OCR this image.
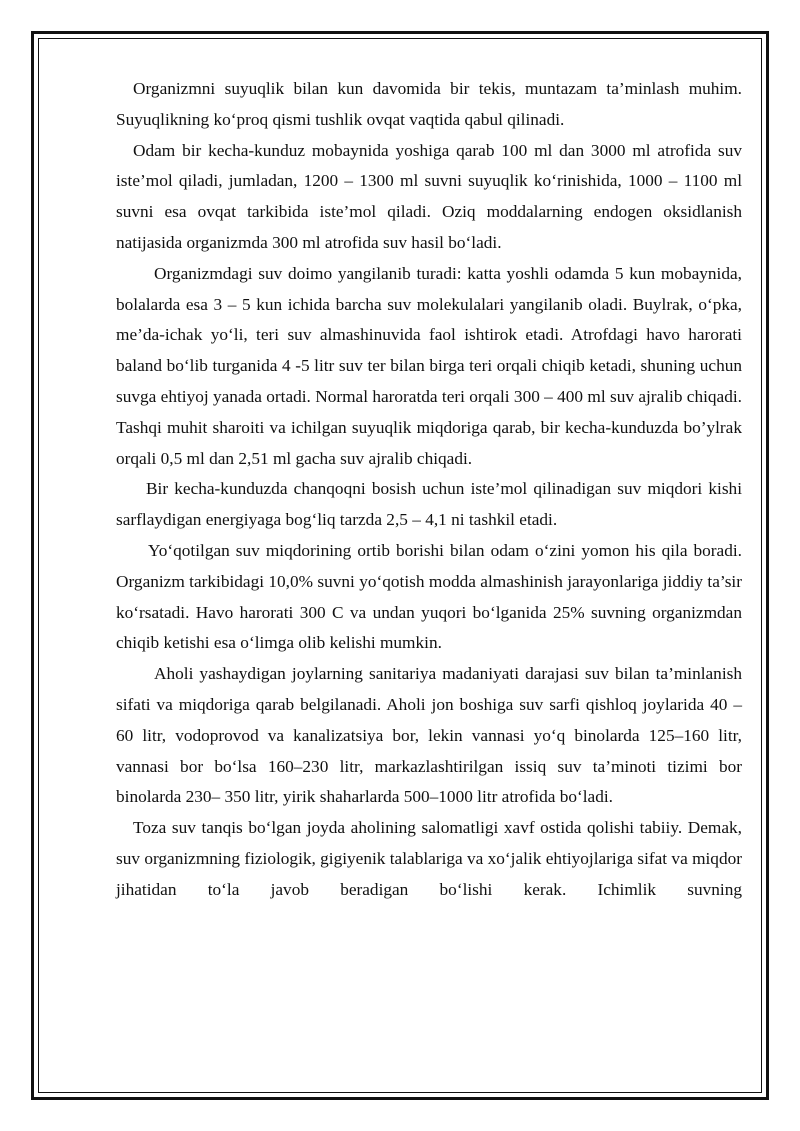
Organizmni suyuqlik bilan kun davomida bir tekis, muntazam ta’minlash muhim. Suyuqlikning ko‘proq qismi tushlik ovqat vaqtida qabul qilinadi.

Odam bir kecha-kunduz mobaynida yoshiga qarab 100 ml dan 3000 ml atrofida suv iste’mol qiladi, jumladan, 1200 – 1300 ml suvni suyuqlik ko‘rinishida, 1000 – 1100 ml suvni esa ovqat tarkibida iste’mol qiladi. Oziq moddalarning endogen oksidlanish natijasida organizmda 300 ml atrofida suv hasil bo‘ladi.

Organizmdagi suv doimo yangilanib turadi: katta yoshli odamda 5 kun mobaynida, bolalarda esa 3 – 5 kun ichida barcha suv molekulalari yangilanib oladi. Buylrak, o‘pka, me’da-ichak yo‘li, teri suv almashinuvida faol ishtirok etadi. Atrofdagi havo harorati baland bo‘lib turganida 4 -5 litr suv ter bilan birga teri orqali chiqib ketadi, shuning uchun suvga ehtiyoj yanada ortadi. Normal haroratda teri orqali 300 – 400 ml suv ajralib chiqadi. Tashqi muhit sharoiti va ichilgan suyuqlik miqdoriga qarab, bir kecha-kunduzda bo’ylrak orqali 0,5 ml dan 2,51 ml gacha suv ajralib chiqadi.

Bir kecha-kunduzda chanqoqni bosish uchun iste’mol qilinadigan suv miqdori kishi sarflaydigan energiyaga bog‘liq tarzda 2,5 – 4,1 ni tashkil etadi.

Yo‘qotilgan suv miqdorining ortib borishi bilan odam o‘zini yomon his qila boradi. Organizm tarkibidagi 10,0% suvni yo‘qotish modda almashinish jarayonlariga jiddiy ta’sir ko‘rsatadi. Havo harorati 300 C va undan yuqori bo‘lganida 25% suvning organizmdan chiqib ketishi esa o‘limga olib kelishi mumkin.

Aholi yashaydigan joylarning sanitariya madaniyati darajasi suv bilan ta’minlanish sifati va miqdoriga qarab belgilanadi. Aholi jon boshiga suv sarfi qishloq joylarida 40 – 60 litr, vodoprovod va kanalizatsiya bor, lekin vannasi yo‘q binolarda 125–160 litr, vannasi bor bo‘lsa 160–230 litr, markazlashtirilgan issiq suv ta’minoti tizimi bor binolarda 230– 350 litr, yirik shaharlarda 500–1000 litr atrofida bo‘ladi.

Toza suv tanqis bo‘lgan joyda aholining salomatligi xavf ostida qolishi tabiiy. Demak, suv organizmning fiziologik, gigiyenik talablariga va xo‘jalik ehtiyojlariga sifat va miqdor jihatidan to‘la javob beradigan bo‘lishi kerak. Ichimlik suvning
